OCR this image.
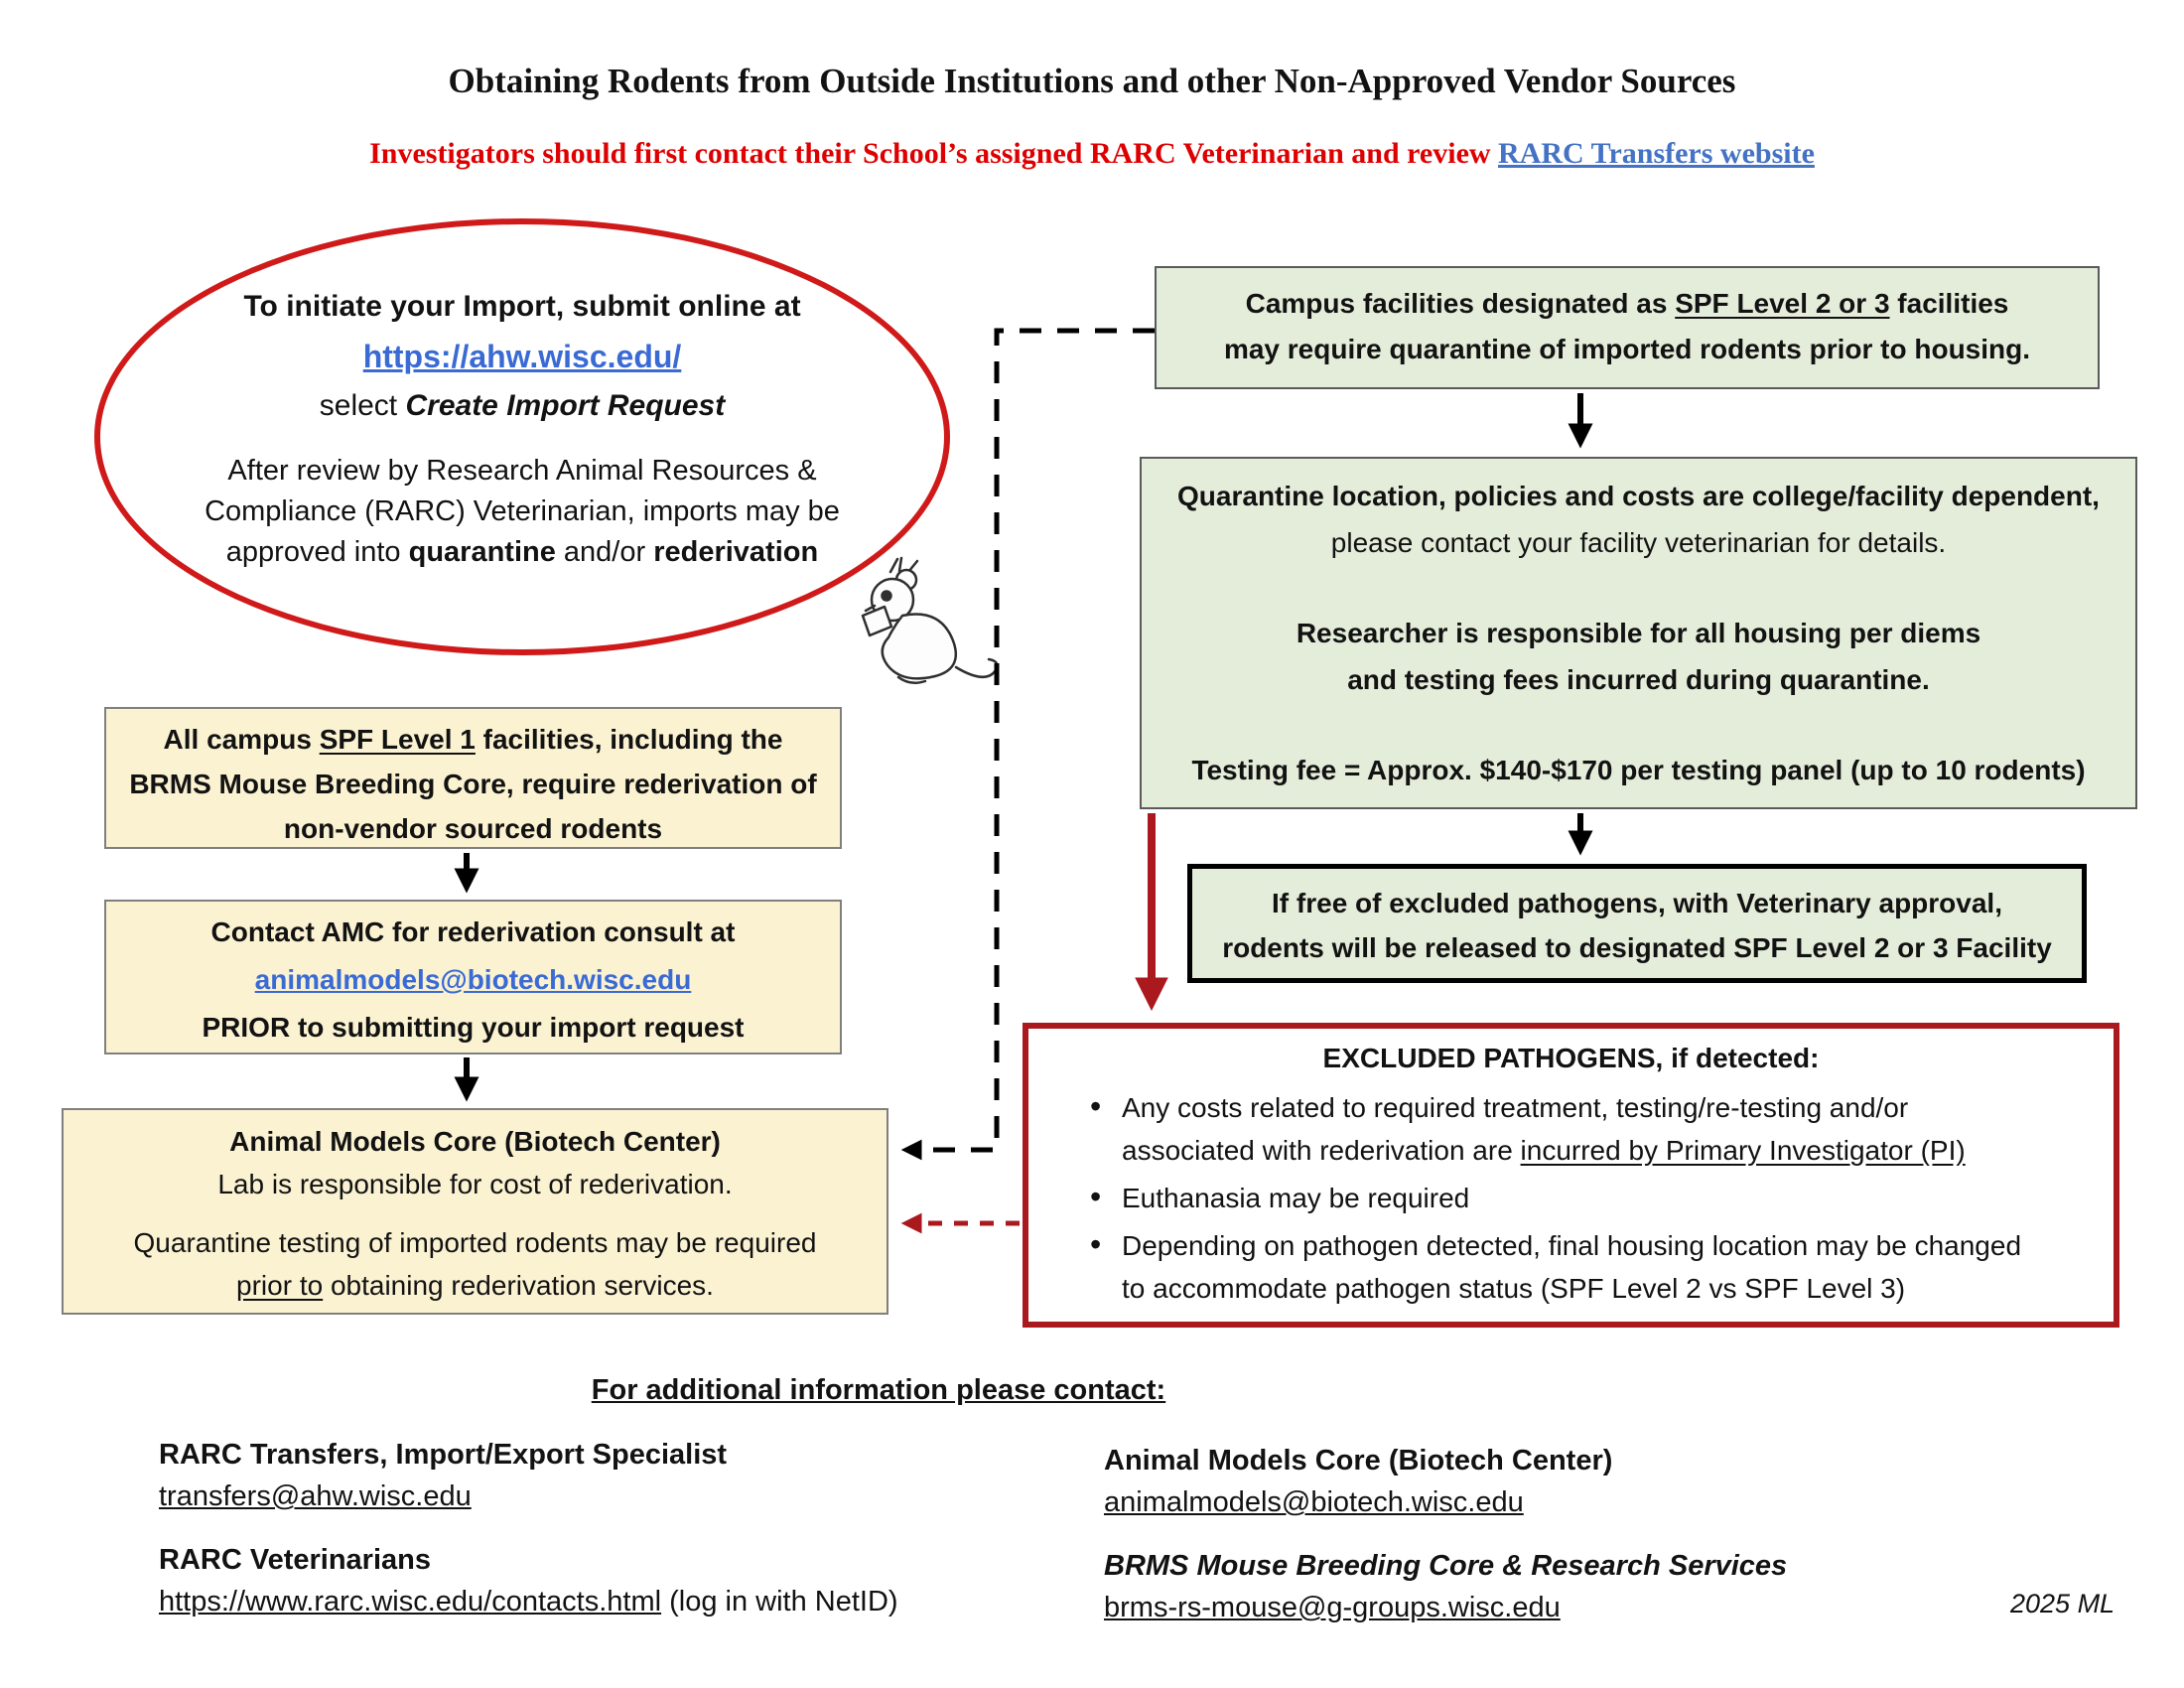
Obtaining Rodents from Outside Institutions and other Non-Approved Vendor Sources
Investigators should first contact their School’s assigned RARC Veterinarian and review RARC Transfers website
To initiate your Import, submit online at
https://ahw.wisc.edu/
select Create Import Request
After review by Research Animal Resources &
Compliance (RARC) Veterinarian, imports may be
approved into quarantine and/or rederivation
Campus facilities designated as SPF Level 2 or 3 facilities
may require quarantine of imported rodents prior to housing.
Quarantine location, policies and costs are college/facility dependent,
please contact your facility veterinarian for details.
Researcher is responsible for all housing per diems
and testing fees incurred during quarantine.
Testing fee = Approx. $140-$170 per testing panel (up to 10 rodents)
If free of excluded pathogens, with Veterinary approval,
rodents will be released to designated SPF Level 2 or 3 Facility
EXCLUDED PATHOGENS, if detected:
• Any costs related to required treatment, testing/re-testing and/or
associated with rederivation are incurred by Primary Investigator (PI)
• Euthanasia may be required
• Depending on pathogen detected, final housing location may be changed
to accommodate pathogen status (SPF Level 2 vs SPF Level 3)
All campus SPF Level 1 facilities, including the
BRMS Mouse Breeding Core, require rederivation of
non-vendor sourced rodents
Contact AMC for rederivation consult at
animalmodels@biotech.wisc.edu
PRIOR to submitting your import request
Animal Models Core (Biotech Center)
Lab is responsible for cost of rederivation.
Quarantine testing of imported rodents may be required
prior to obtaining rederivation services.
For additional information please contact:
RARC Transfers, Import/Export Specialist
transfers@ahw.wisc.edu
RARC Veterinarians
https://www.rarc.wisc.edu/contacts.html (log in with NetID)
Animal Models Core (Biotech Center)
animalmodels@biotech.wisc.edu
BRMS Mouse Breeding Core & Research Services
brms-rs-mouse@g-groups.wisc.edu	2025 ML
